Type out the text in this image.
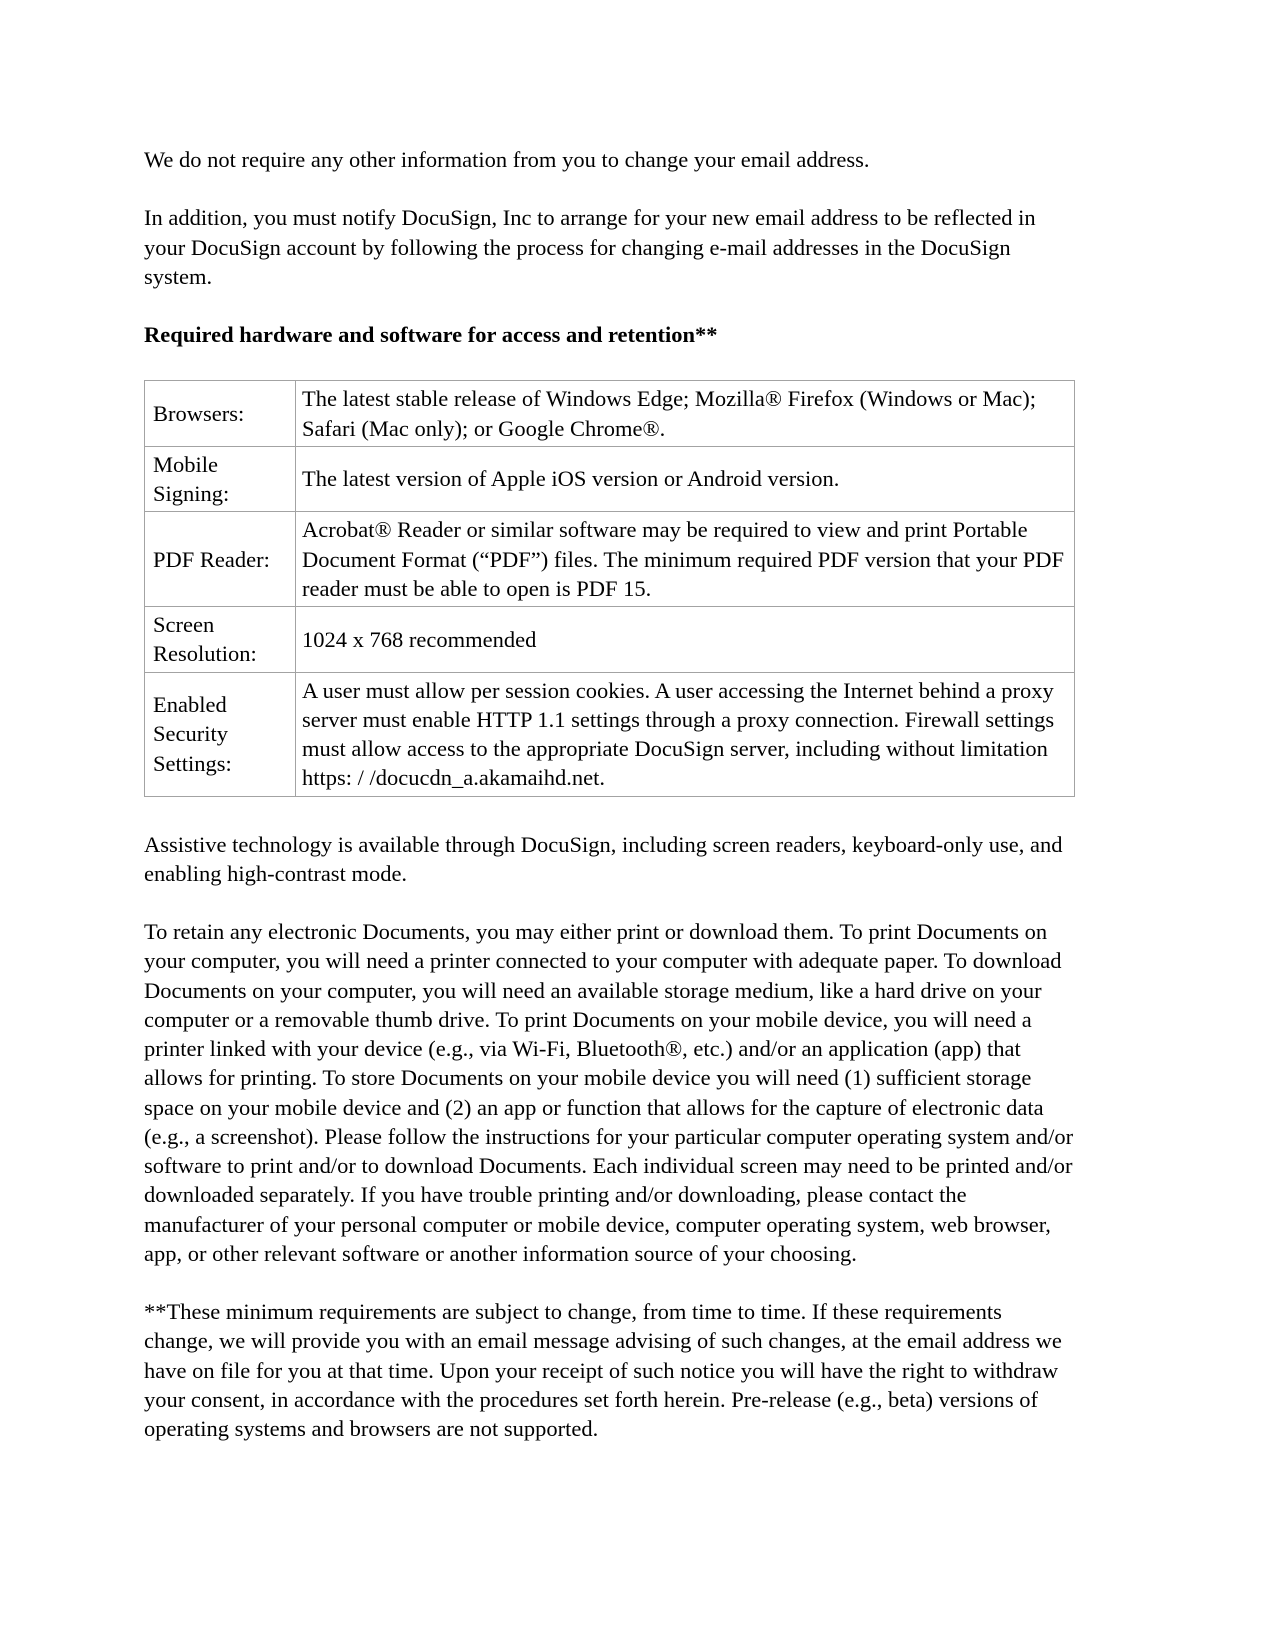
We do not require any other information from you to change your email address.

In addition, you must notify DocuSign, Inc to arrange for your new email address to be reflected in your DocuSign account by following the process for changing e-mail addresses in the DocuSign system.

Required hardware and software for access and retention**
Browsers:	The latest stable release of Windows Edge; Mozilla® Firefox (Windows or Mac); Safari (Mac only); or Google Chrome®.
Mobile Signing:	The latest version of Apple iOS version or Android version.
PDF Reader:	Acrobat® Reader or similar software may be required to view and print Portable Document Format (“PDF”) files. The minimum required PDF version that your PDF reader must be able to open is PDF 15.
Screen Resolution:	1024 x 768 recommended
Enabled Security Settings:	A user must allow per session cookies. A user accessing the Internet behind a proxy server must enable HTTP 1.1 settings through a proxy connection. Firewall settings must allow access to the appropriate DocuSign server, including without limitation https: / /docucdn_a.akamaihd.net.

Assistive technology is available through DocuSign, including screen readers, keyboard-only use, and enabling high-contrast mode.

To retain any electronic Documents, you may either print or download them. To print Documents on your computer, you will need a printer connected to your computer with adequate paper. To download Documents on your computer, you will need an available storage medium, like a hard drive on your computer or a removable thumb drive. To print Documents on your mobile device, you will need a printer linked with your device (e.g., via Wi-Fi, Bluetooth®, etc.) and/or an application (app) that allows for printing. To store Documents on your mobile device you will need (1) sufficient storage space on your mobile device and (2) an app or function that allows for the capture of electronic data (e.g., a screenshot). Please follow the instructions for your particular computer operating system and/or software to print and/or to download Documents. Each individual screen may need to be printed and/or downloaded separately. If you have trouble printing and/or downloading, please contact the manufacturer of your personal computer or mobile device, computer operating system, web browser, app, or other relevant software or another information source of your choosing.

**These minimum requirements are subject to change, from time to time. If these requirements change, we will provide you with an email message advising of such changes, at the email address we have on file for you at that time. Upon your receipt of such notice you will have the right to withdraw your consent, in accordance with the procedures set forth herein. Pre-release (e.g., beta) versions of operating systems and browsers are not supported.
